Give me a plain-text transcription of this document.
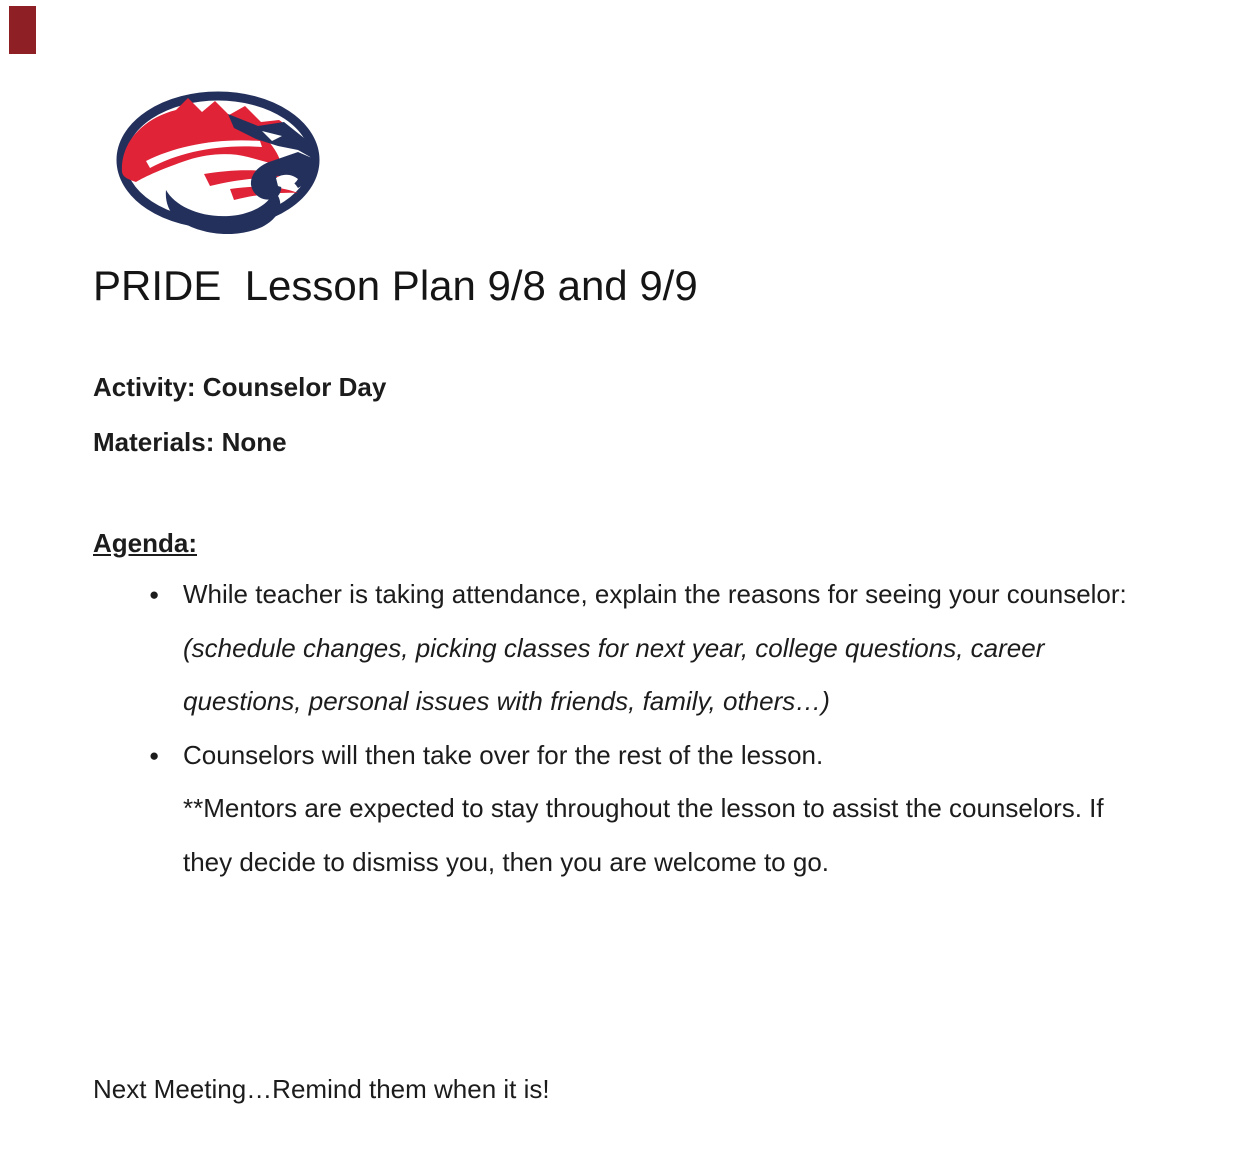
PRIDE  Lesson Plan 9/8 and 9/9

Activity: Counselor Day

Materials: None

Agenda:

● While teacher is taking attendance, explain the reasons for seeing your counselor: (schedule changes, picking classes for next year, college questions, career questions, personal issues with friends, family, others…)
● Counselors will then take over for the rest of the lesson.
**Mentors are expected to stay throughout the lesson to assist the counselors. If they decide to dismiss you, then you are welcome to go.

Next Meeting…Remind them when it is!
